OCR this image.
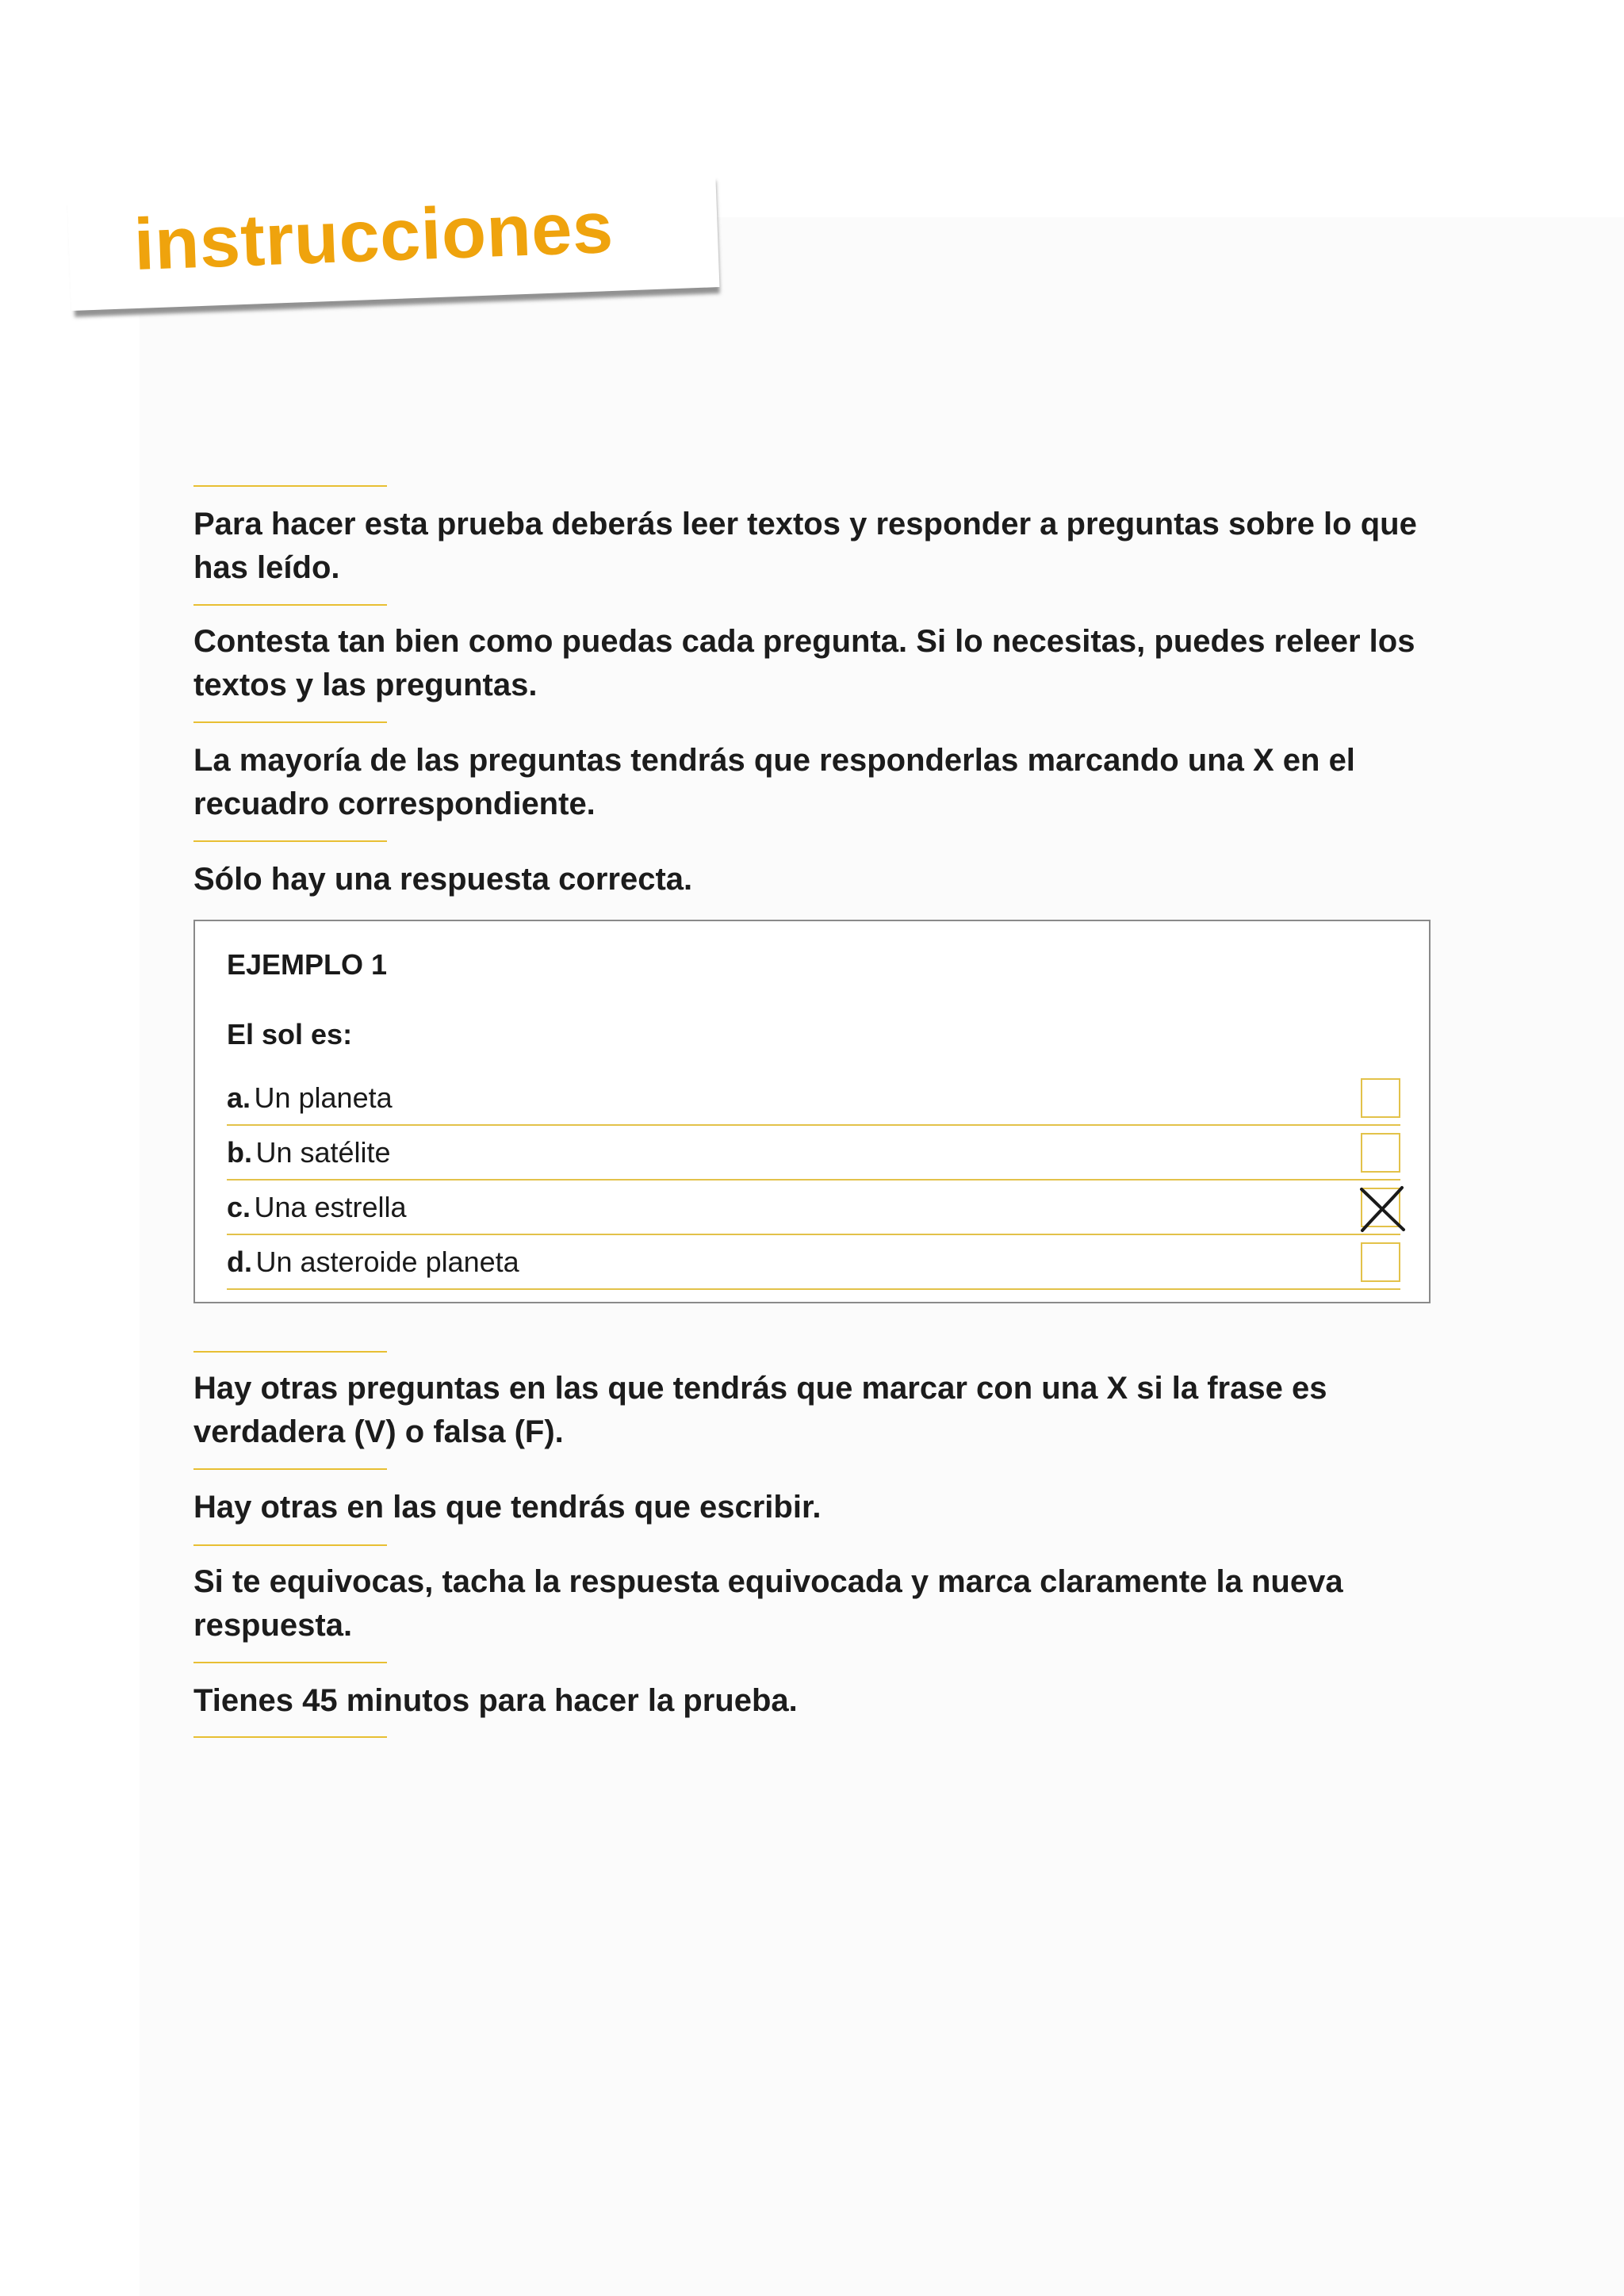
instrucciones
Para hacer esta prueba deberás leer textos y responder a preguntas sobre lo que has leído.
Contesta tan bien como puedas cada pregunta. Si lo necesitas, puedes releer los textos y las preguntas.
La mayoría de las preguntas tendrás que responderlas marcando una X en el recuadro correspondiente.
Sólo hay una respuesta correcta.
EJEMPLO 1
El sol es:
a. Un planeta
b. Un satélite
c. Una estrella
d. Un asteroide planeta
Hay otras preguntas en las que tendrás que marcar con una X si la frase es verdadera (V) o falsa (F).
Hay otras en las que tendrás que escribir.
Si te equivocas, tacha la respuesta equivocada y marca claramente la nueva respuesta.
Tienes 45 minutos para hacer la prueba.
